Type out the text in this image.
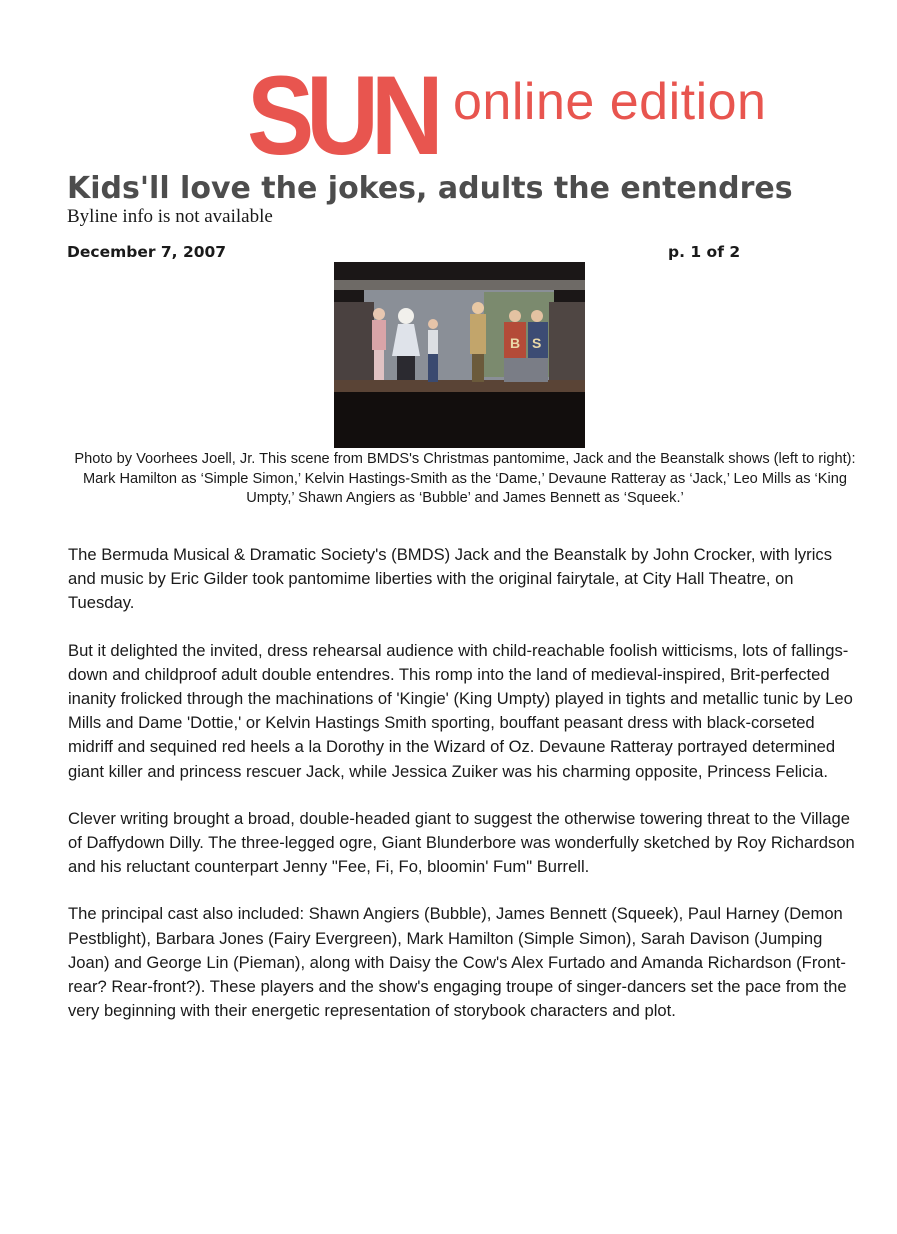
SUN online edition
Kids'll love the jokes, adults the entendres
Byline info is not available
December 7, 2007	p. 1 of 2
B S
Photo by Voorhees Joell, Jr. This scene from BMDS's Christmas pantomime, Jack and the Beanstalk shows (left to right): Mark Hamilton as ‘Simple Simon,’ Kelvin Hastings-Smith as the ‘Dame,’ Devaune Ratteray as ‘Jack,’ Leo Mills as ‘King Umpty,’ Shawn Angiers as ‘Bubble’ and James Bennett as ‘Squeek.’

The Bermuda Musical & Dramatic Society's (BMDS) Jack and the Beanstalk by John Crocker, with lyrics and music by Eric Gilder took pantomime liberties with the original fairytale, at City Hall Theatre, on Tuesday.

But it delighted the invited, dress rehearsal audience with child-reachable foolish witticisms, lots of fallings-down and childproof adult double entendres. This romp into the land of medieval-inspired, Brit-perfected inanity frolicked through the machinations of 'Kingie' (King Umpty) played in tights and metallic tunic by Leo Mills and Dame 'Dottie,' or Kelvin Hastings Smith sporting, bouffant peasant dress with black-corseted midriff and sequined red heels a la Dorothy in the Wizard of Oz. Devaune Ratteray portrayed determined giant killer and princess rescuer Jack, while Jessica Zuiker was his charming opposite, Princess Felicia.

Clever writing brought a broad, double-headed giant to suggest the otherwise towering threat to the Village of Daffydown Dilly. The three-legged ogre, Giant Blunderbore was wonderfully sketched by Roy Richardson and his reluctant counterpart Jenny "Fee, Fi, Fo, bloomin' Fum" Burrell.

The principal cast also included: Shawn Angiers (Bubble), James Bennett (Squeek), Paul Harney (Demon Pestblight), Barbara Jones (Fairy Evergreen), Mark Hamilton (Simple Simon), Sarah Davison (Jumping Joan) and George Lin (Pieman), along with Daisy the Cow's Alex Furtado and Amanda Richardson (Front-rear? Rear-front?). These players and the show's engaging troupe of singer-dancers set the pace from the very beginning with their energetic representation of storybook characters and plot.
